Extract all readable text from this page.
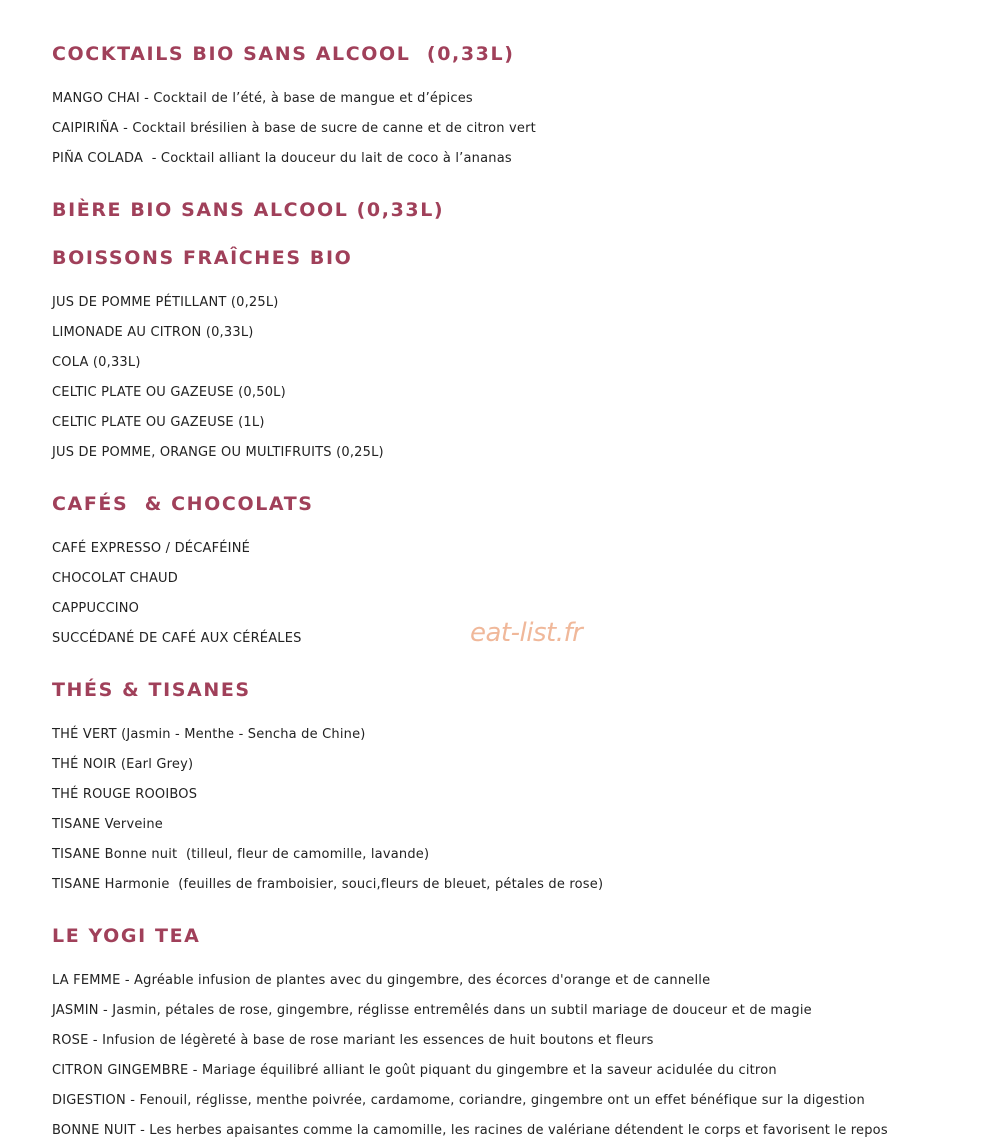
COCKTAILS BIO SANS ALCOOL  (0,33L)
MANGO CHAI - Cocktail de l’été, à base de mangue et d’épices
CAIPIRIÑA - Cocktail brésilien à base de sucre de canne et de citron vert
PIÑA COLADA  - Cocktail alliant la douceur du lait de coco à l’ananas
BIÈRE BIO SANS ALCOOL (0,33L)
BOISSONS FRAÎCHES BIO
JUS DE POMME PÉTILLANT (0,25L)
LIMONADE AU CITRON (0,33L)
COLA (0,33L)
CELTIC PLATE OU GAZEUSE (0,50L)
CELTIC PLATE OU GAZEUSE (1L)
JUS DE POMME, ORANGE OU MULTIFRUITS (0,25L)
CAFÉS  & CHOCOLATS
CAFÉ EXPRESSO / DÉCAFÉINÉ
CHOCOLAT CHAUD
CAPPUCCINO
SUCCÉDANÉ DE CAFÉ AUX CÉRÉALES
THÉS & TISANES
THÉ VERT (Jasmin - Menthe - Sencha de Chine)
THÉ NOIR (Earl Grey)
THÉ ROUGE ROOIBOS
TISANE Verveine
TISANE Bonne nuit  (tilleul, fleur de camomille, lavande)
TISANE Harmonie  (feuilles de framboisier, souci,fleurs de bleuet, pétales de rose)
LE YOGI TEA
LA FEMME - Agréable infusion de plantes avec du gingembre, des écorces d'orange et de cannelle
JASMIN - Jasmin, pétales de rose, gingembre, réglisse entremêlés dans un subtil mariage de douceur et de magie
ROSE - Infusion de légèreté à base de rose mariant les essences de huit boutons et fleurs
CITRON GINGEMBRE - Mariage équilibré alliant le goût piquant du gingembre et la saveur acidulée du citron
DIGESTION - Fenouil, réglisse, menthe poivrée, cardamome, coriandre, gingembre ont un effet bénéfique sur la digestion
BONNE NUIT - Les herbes apaisantes comme la camomille, les racines de valériane détendent le corps et favorisent le repos
eat-list.fr
